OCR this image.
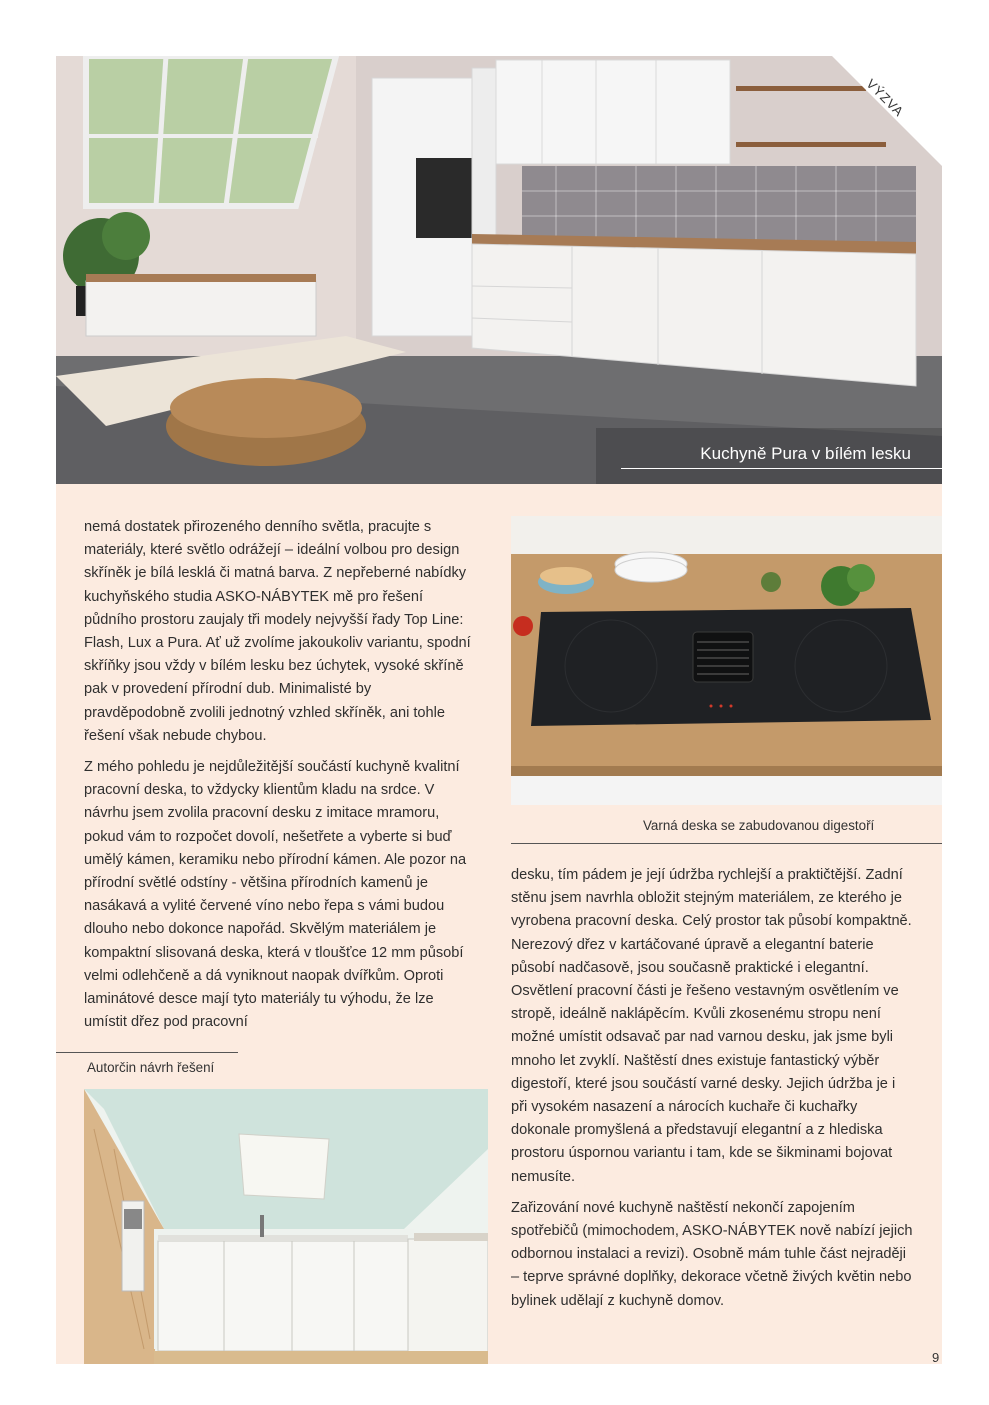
VÝZVA
Kuchyně Pura v bílém lesku

nemá dostatek přirozeného denního světla, pracujte s materiály, které světlo odrážejí – ideální volbou pro design skříněk je bílá lesklá či matná barva. Z nepřeberné nabídky kuchyňského studia ASKO-NÁBYTEK mě pro řešení půdního prostoru zaujaly tři modely nejvyšší řady Top Line: Flash, Lux a Pura. Ať už zvolíme jakoukoliv variantu, spodní skříňky jsou vždy v bílém lesku bez úchytek, vysoké skříně pak v provedení přírodní dub. Minimalisté by pravděpodobně zvolili jednotný vzhled skříněk, ani tohle řešení však nebude chybou.

Z mého pohledu je nejdůležitější součástí kuchyně kvalitní pracovní deska, to vždycky klientům kladu na srdce. V návrhu jsem zvolila pracovní desku z imitace mramoru, pokud vám to rozpočet dovolí, nešetřete a vyberte si buď umělý kámen, keramiku nebo přírodní kámen. Ale pozor na přírodní světlé odstíny - většina přírodních kamenů je nasákavá a vylité červené víno nebo řepa s vámi budou dlouho nebo dokonce napořád. Skvělým materiálem je kompaktní slisovaná deska, která v tloušťce 12 mm působí velmi odlehčeně a dá vyniknout naopak dvířkům. Oproti laminátové desce mají tyto materiály tu výhodu, že lze umístit dřez pod pracovní

Varná deska se zabudovanou digestoří

desku, tím pádem je její údržba rychlejší a praktičtější. Zadní stěnu jsem navrhla obložit stejným materiálem, ze kterého je vyrobena pracovní deska. Celý prostor tak působí kompaktně. Nerezový dřez v kartáčované úpravě a elegantní baterie působí nadčasově, jsou současně praktické i elegantní. Osvětlení pracovní části je řešeno vestavným osvětlením ve stropě, ideálně naklápěcím. Kvůli zkosenému stropu není možné umístit odsavač par nad varnou desku, jak jsme byli mnoho let zvyklí. Naštěstí dnes existuje fantastický výběr digestoří, které jsou součástí varné desky. Jejich údržba je i při vysokém nasazení a nárocích kuchaře či kuchařky dokonale promyšlená a představují elegantní a z hlediska prostoru úspornou variantu i tam, kde se šikminami bojovat nemusíte.

Zařizování nové kuchyně naštěstí nekončí zapojením spotřebičů (mimochodem, ASKO-NÁBYTEK nově nabízí jejich odbornou instalaci a revizi). Osobně mám tuhle část nejraději – teprve správné doplňky, dekorace včetně živých květin nebo bylinek udělají z kuchyně domov.

Autorčin návrh řešení
9
